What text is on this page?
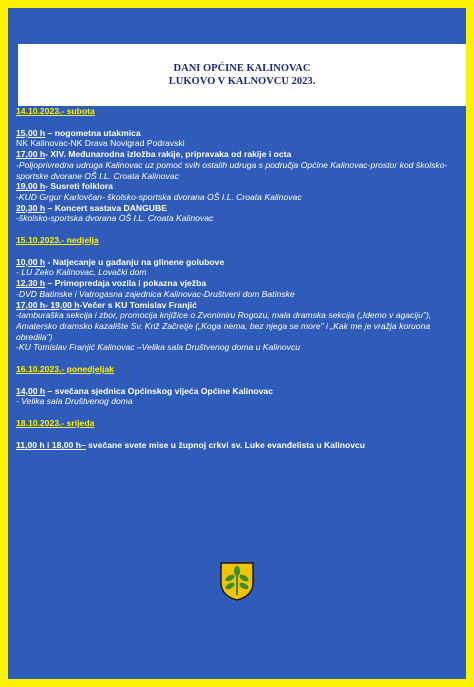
DANI OPĆINE KALINOVAC
LUKOVO V KALNOVCU 2023.
14.10.2023.- subota
15,00 h – nogometna utakmica
NK Kalinovac-NK Drava Novigrad Podravski
17,00 h- XIV. Međunarodna izložba rakije, pripravaka od rakije i octa
-Poljoprivredna udruga Kalinovac uz pomoć svih ostalih udruga s područja Općine Kalinovac-prostor kod školsko-sportske dvorane OŠ I.L. Croata Kalinovac
19,00 h- Susreti folklora
-KUD Grgur Karlovčan- školsko-sportska dvorana OŠ I.L. Croata Kalinovac
20,30 h – Koncert sastava DANGUBE
-školsko-sportska dvorana OŠ I.L. Croata Kalinovac
15.10.2023.- nedjelja
10,00 h - Natjecanje u gađanju na glinene golubove
- LU Zeko Kalinovac, Lovački dom
12,30 h – Primopredaja vozila i pokazna vježba
-DVD Batinske i Vatrogasna zajednica Kalinovac-Društveni dom Batinske
17,00 h- 19,00 h-Večer s KU Tomislav Franjić
-tamburaška sekcija i zbor, promocija knjižice o Zvonimiru Rogozu, mala dramska sekcija („Idemo v agaciju"), Amatersko dramsko kazalište Sv. Križ Začretje („Koga nema, bez njega se more" i „Kak me je vražja koruona obredila")
-KU Tomislav Franjić Kalinovac –Velika sala Društvenog doma u Kalinovcu
16.10.2023.- ponedjeljak
14,00 h – svečana sjednica Općinskog vijeća Općine Kalinovac
- Velika sala Društvenog doma
18.10.2023.- srijeda
11,00 h i 18,00 h– svečane svete mise u župnoj crkvi sv. Luke evanđelista u Kalinovcu
